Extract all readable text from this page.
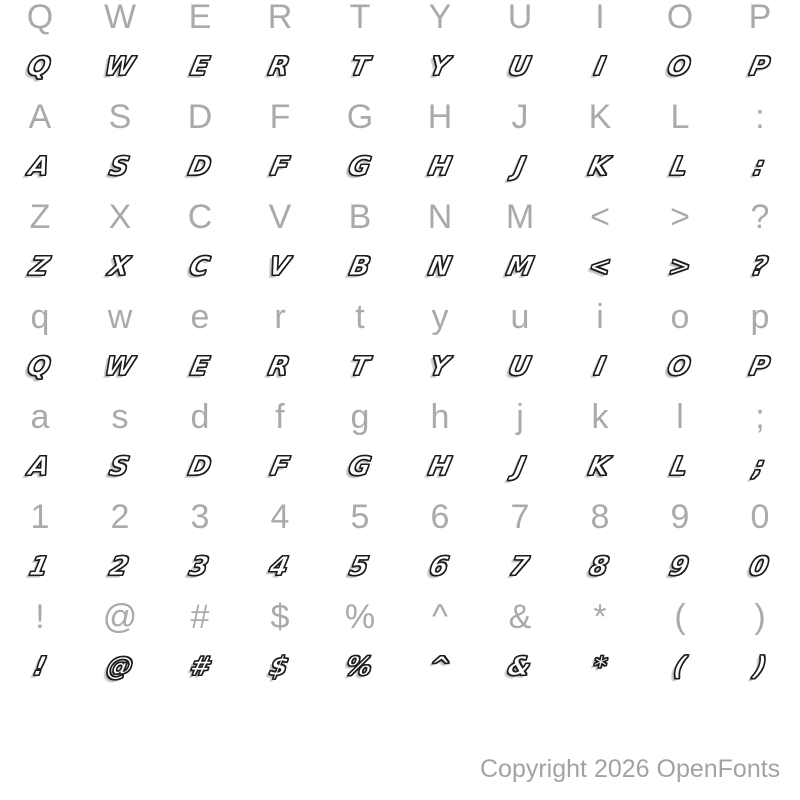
Q W E R T Y U I O P
Q W E R T Y U I O P
A S D F G H J K L :
A S D F G H J K L :
Z X C V B N M < > ?
Z X C V B N M < > ?
q w e r t y u i o p
Q W E R T Y U I O P
a s d f g h j k l ;
A S D F G H J K L ;
1 2 3 4 5 6 7 8 9 0
1 2 3 4 5 6 7 8 9 0
! @ # $ % ^ & * ( )
! @ # $ % ^ & * ( )
Copyright 2026 OpenFonts
